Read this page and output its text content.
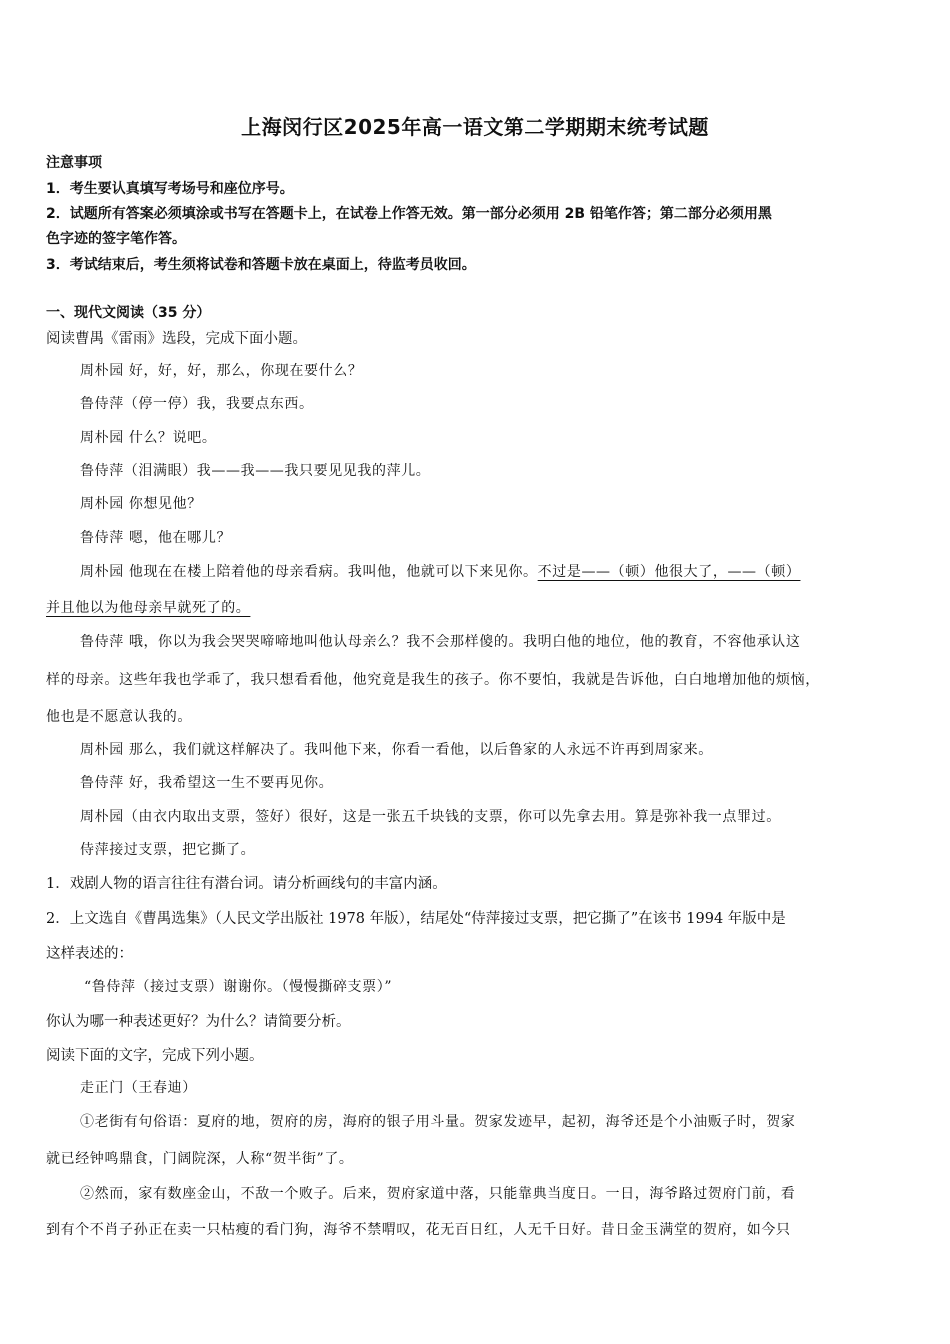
上海闵行区2025年高一语文第二学期期末统考试题
注意事项
1．考生要认真填写考场号和座位序号。
2．试题所有答案必须填涂或书写在答题卡上，在试卷上作答无效。第一部分必须用 2B 铅笔作答；第二部分必须用黑
色字迹的签字笔作答。
3．考试结束后，考生须将试卷和答题卡放在桌面上，待监考员收回。
一、现代文阅读（35 分）
阅读曹禺《雷雨》选段，完成下面小题。
周朴园 好，好，好，那么，你现在要什么？
鲁侍萍（停一停）我，我要点东西。
周朴园 什么？说吧。
鲁侍萍（泪满眼）我——我——我只要见见我的萍儿。
周朴园 你想见他？
鲁侍萍 嗯，他在哪儿？
周朴园 他现在在楼上陪着他的母亲看病。我叫他，他就可以下来见你。不过是——（顿）他很大了，——（顿）
并且他以为他母亲早就死了的。
鲁侍萍 哦，你以为我会哭哭啼啼地叫他认母亲么？我不会那样傻的。我明白他的地位，他的教育，不容他承认这
样的母亲。这些年我也学乖了，我只想看看他，他究竟是我生的孩子。你不要怕，我就是告诉他，白白地增加他的烦恼，
他也是不愿意认我的。
周朴园 那么，我们就这样解决了。我叫他下来，你看一看他，以后鲁家的人永远不许再到周家来。
鲁侍萍 好，我希望这一生不要再见你。
周朴园（由衣内取出支票，签好）很好，这是一张五千块钱的支票，你可以先拿去用。算是弥补我一点罪过。
侍萍接过支票，把它撕了。
1．戏剧人物的语言往往有潜台词。请分析画线句的丰富内涵。
2．上文选自《曹禺选集》（人民文学出版社 1978 年版），结尾处“侍萍接过支票，把它撕了”在该书 1994 年版中是
这样表述的：
“鲁侍萍（接过支票）谢谢你。（慢慢撕碎支票）”
你认为哪一种表述更好？为什么？请简要分析。
阅读下面的文字，完成下列小题。
走正门（王春迪）
①老街有句俗语：夏府的地，贺府的房，海府的银子用斗量。贺家发迹早，起初，海爷还是个小油贩子时，贺家
就已经钟鸣鼎食，门阔院深，人称“贺半街”了。
②然而，家有数座金山，不敌一个败子。后来，贺府家道中落，只能靠典当度日。一日，海爷路过贺府门前，看
到有个不肖子孙正在卖一只枯瘦的看门狗，海爷不禁喟叹，花无百日红，人无千日好。昔日金玉满堂的贺府，如今只
